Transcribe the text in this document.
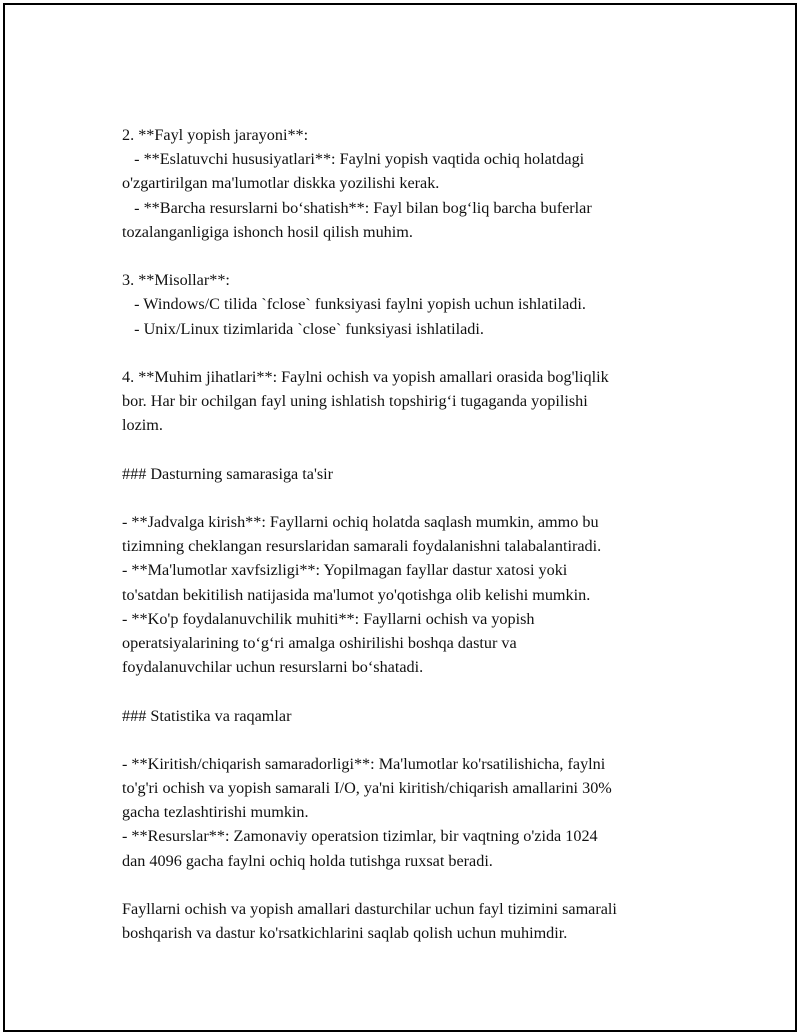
2. **Fayl yopish jarayoni**:
- **Eslatuvchi hususiyatlari**: Faylni yopish vaqtida ochiq holatdagi
o'zgartirilgan ma'lumotlar diskka yozilishi kerak.
- **Barcha resurslarni bo‘shatish**: Fayl bilan bog‘liq barcha buferlar
tozalanganligiga ishonch hosil qilish muhim.
3. **Misollar**:
- Windows/C tilida `fclose` funksiyasi faylni yopish uchun ishlatiladi.
- Unix/Linux tizimlarida `close` funksiyasi ishlatiladi.
4. **Muhim jihatlari**: Faylni ochish va yopish amallari orasida bog'liqlik
bor. Har bir ochilgan fayl uning ishlatish topshirig‘i tugaganda yopilishi
lozim.
### Dasturning samarasiga ta'sir
- **Jadvalga kirish**: Fayllarni ochiq holatda saqlash mumkin, ammo bu
tizimning cheklangan resurslaridan samarali foydalanishni talabalantiradi.
- **Ma'lumotlar xavfsizligi**: Yopilmagan fayllar dastur xatosi yoki
to'satdan bekitilish natijasida ma'lumot yo'qotishga olib kelishi mumkin.
- **Ko'p foydalanuvchilik muhiti**: Fayllarni ochish va yopish
operatsiyalarining to‘g‘ri amalga oshirilishi boshqa dastur va
foydalanuvchilar uchun resurslarni bo‘shatadi.
### Statistika va raqamlar
- **Kiritish/chiqarish samaradorligi**: Ma'lumotlar ko'rsatilishicha, faylni
to'g'ri ochish va yopish samarali I/O, ya'ni kiritish/chiqarish amallarini 30%
gacha tezlashtirishi mumkin.
- **Resurslar**: Zamonaviy operatsion tizimlar, bir vaqtning o'zida 1024
dan 4096 gacha faylni ochiq holda tutishga ruxsat beradi.
Fayllarni ochish va yopish amallari dasturchilar uchun fayl tizimini samarali
boshqarish va dastur ko'rsatkichlarini saqlab qolish uchun muhimdir.
